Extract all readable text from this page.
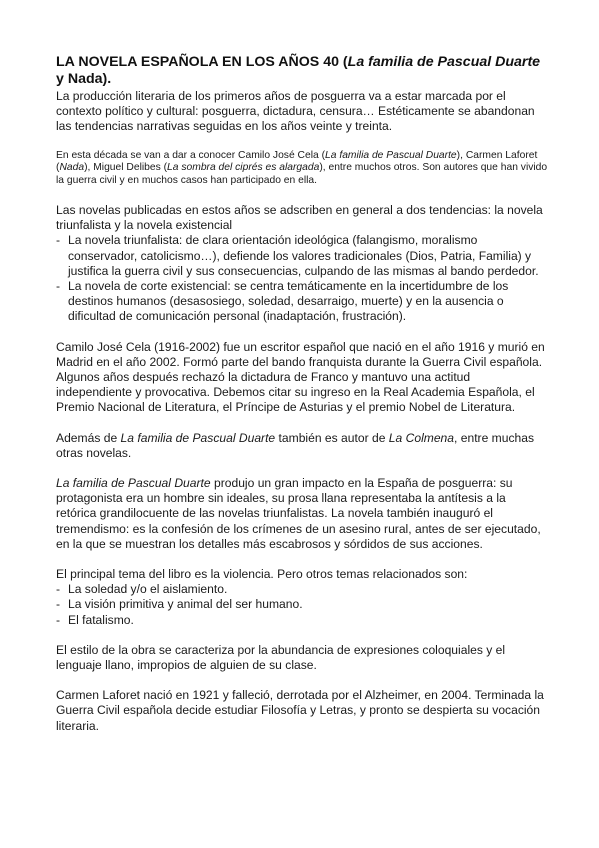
LA NOVELA ESPAÑOLA EN LOS AÑOS 40 (La familia de Pascual Duarte y Nada).

La producción literaria de los primeros años de posguerra va a estar marcada por el contexto político y cultural: posguerra, dictadura, censura… Estéticamente se abandonan las tendencias narrativas seguidas en los años veinte y treinta.

En esta década se van a dar a conocer Camilo José Cela (La familia de Pascual Duarte), Carmen Laforet (Nada), Miguel Delibes (La sombra del ciprés es alargada), entre muchos otros. Son autores que han vivido la guerra civil y en muchos casos han participado en ella.

Las novelas publicadas en estos años se adscriben en general a dos tendencias: la novela triunfalista y la novela existencial

- La novela triunfalista: de clara orientación ideológica (falangismo, moralismo conservador, catolicismo…), defiende los valores tradicionales (Dios, Patria, Familia) y justifica la guerra civil y sus consecuencias, culpando de las mismas al bando perdedor.
- La novela de corte existencial: se centra temáticamente en la incertidumbre de los destinos humanos (desasosiego, soledad, desarraigo, muerte) y en la ausencia o dificultad de comunicación personal (inadaptación, frustración).

Camilo José Cela (1916-2002) fue un escritor español que nació en el año 1916 y murió en Madrid en el año 2002. Formó parte del bando franquista durante la Guerra Civil española. Algunos años después rechazó la dictadura de Franco y mantuvo una actitud independiente y provocativa. Debemos citar su ingreso en la Real Academia Española, el Premio Nacional de Literatura, el Príncipe de Asturias y el premio Nobel de Literatura.

Además de La familia de Pascual Duarte también es autor de La Colmena, entre muchas otras novelas.

La familia de Pascual Duarte produjo un gran impacto en la España de posguerra: su protagonista era un hombre sin ideales, su prosa llana representaba la antítesis a la retórica grandilocuente de las novelas triunfalistas. La novela también inauguró el tremendismo: es la confesión de los crímenes de un asesino rural, antes de ser ejecutado, en la que se muestran los detalles más escabrosos y sórdidos de sus acciones.

El principal tema del libro es la violencia. Pero otros temas relacionados son:

- La soledad y/o el aislamiento.
- La visión primitiva y animal del ser humano.
- El fatalismo.

El estilo de la obra se caracteriza por la abundancia de expresiones coloquiales y el lenguaje llano, impropios de alguien de su clase.

Carmen Laforet nació en 1921 y falleció, derrotada por el Alzheimer, en 2004. Terminada la Guerra Civil española decide estudiar Filosofía y Letras, y pronto se despierta su vocación literaria.
